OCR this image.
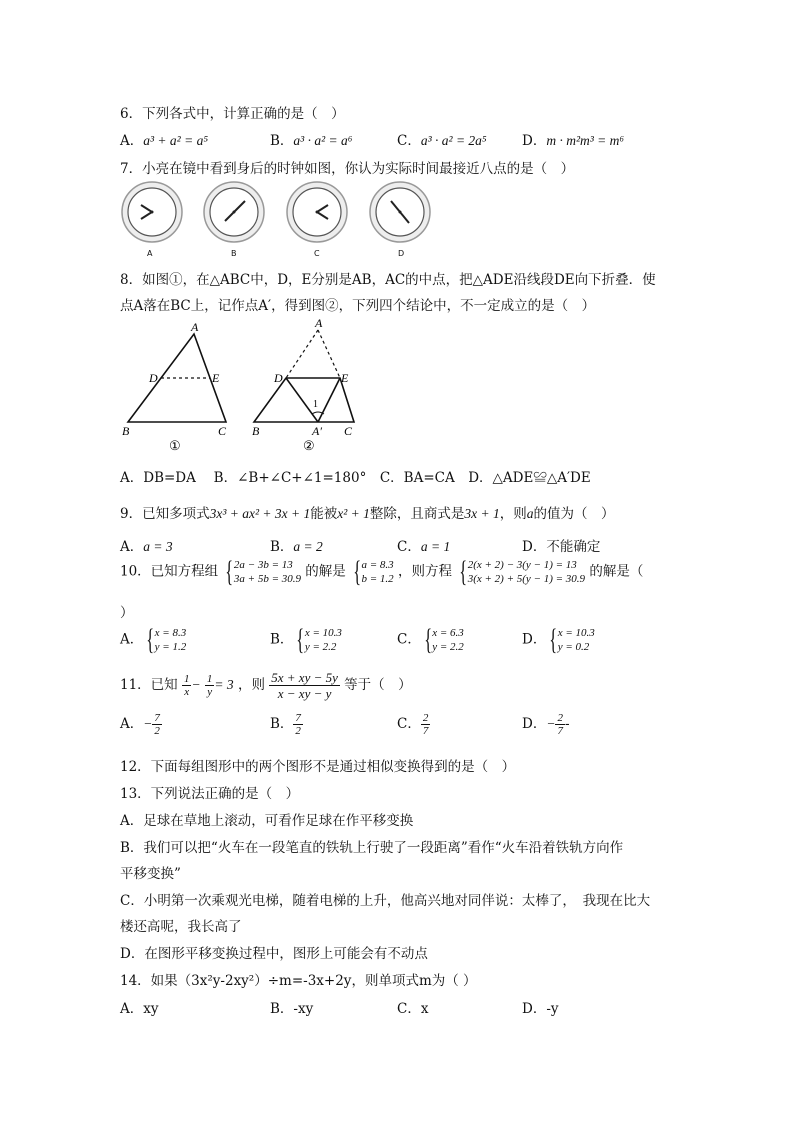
6．下列各式中，计算正确的是（　）
A．a³ + a² = a⁵	B．a³ · a² = a⁶	C．a³ · a² = 2a⁵	D．m · m²m³ = m⁶
7．小亮在镜中看到身后的时钟如图，你认为实际时间最接近八点的是（　）
A	B	C	D
8．如图①，在△ABC中，D，E分别是AB，AC的中点，把△ADE沿线段DE向下折叠．使
点A落在BC上，记作点A′，得到图②，下列四个结论中，不一定成立的是（　）
A
D	E
B	C
①
A
D	E
1
B	A′ C
②
A．DB=DA　 B．∠B+∠C+∠1=180°　C．BA=CA　D．△ADE≌△A′DE
9．已知多项式3x³ + ax² + 3x + 1能被x² + 1整除，且商式是3x + 1，则a的值为（　）
A．a = 3	B．a = 2	C．a = 1	D．不能确定
10．已知方程组 { 2a − 3b = 13
3a + 5b = 30.9 的解是 { a = 8.3
b = 1.2 ，则方程 { 2(x + 2) − 3(y − 1) = 13
3(x + 2) + 5(y − 1) = 30.9 的解是（
）
A． { x = 8.3
y = 1.2	B． { x = 10.3
y = 2.2	C． { x = 6.3
y = 2.2	D． { x = 10.3
y = 0.2
11．已知 $\frac{1}{x} - \frac{1}{y} = 3$ ，则 $\frac{5x + xy - 5y}{x - xy - y}$ 等于（　）
A．− $\frac{7}{2}$	B． $\frac{7}{2}$	C． $\frac{2}{7}$	D．− $\frac{2}{7}$ -
12．下面每组图形中的两个图形不是通过相似变换得到的是（　）
13．下列说法正确的是（　）
A．足球在草地上滚动，可看作足球在作平移变换
B．我们可以把“火车在一段笔直的铁轨上行驶了一段距离”看作“火车沿着铁轨方向作
平移变换”
C．小明第一次乘观光电梯，随着电梯的上升，他高兴地对同伴说：太棒了，　我现在比大
楼还高呢，我长高了
D．在图形平移变换过程中，图形上可能会有不动点
14．如果（3x²y-2xy²）÷m=-3x+2y，则单项式m为（ ）
A．xy	B．-xy	C．x	D．-y
